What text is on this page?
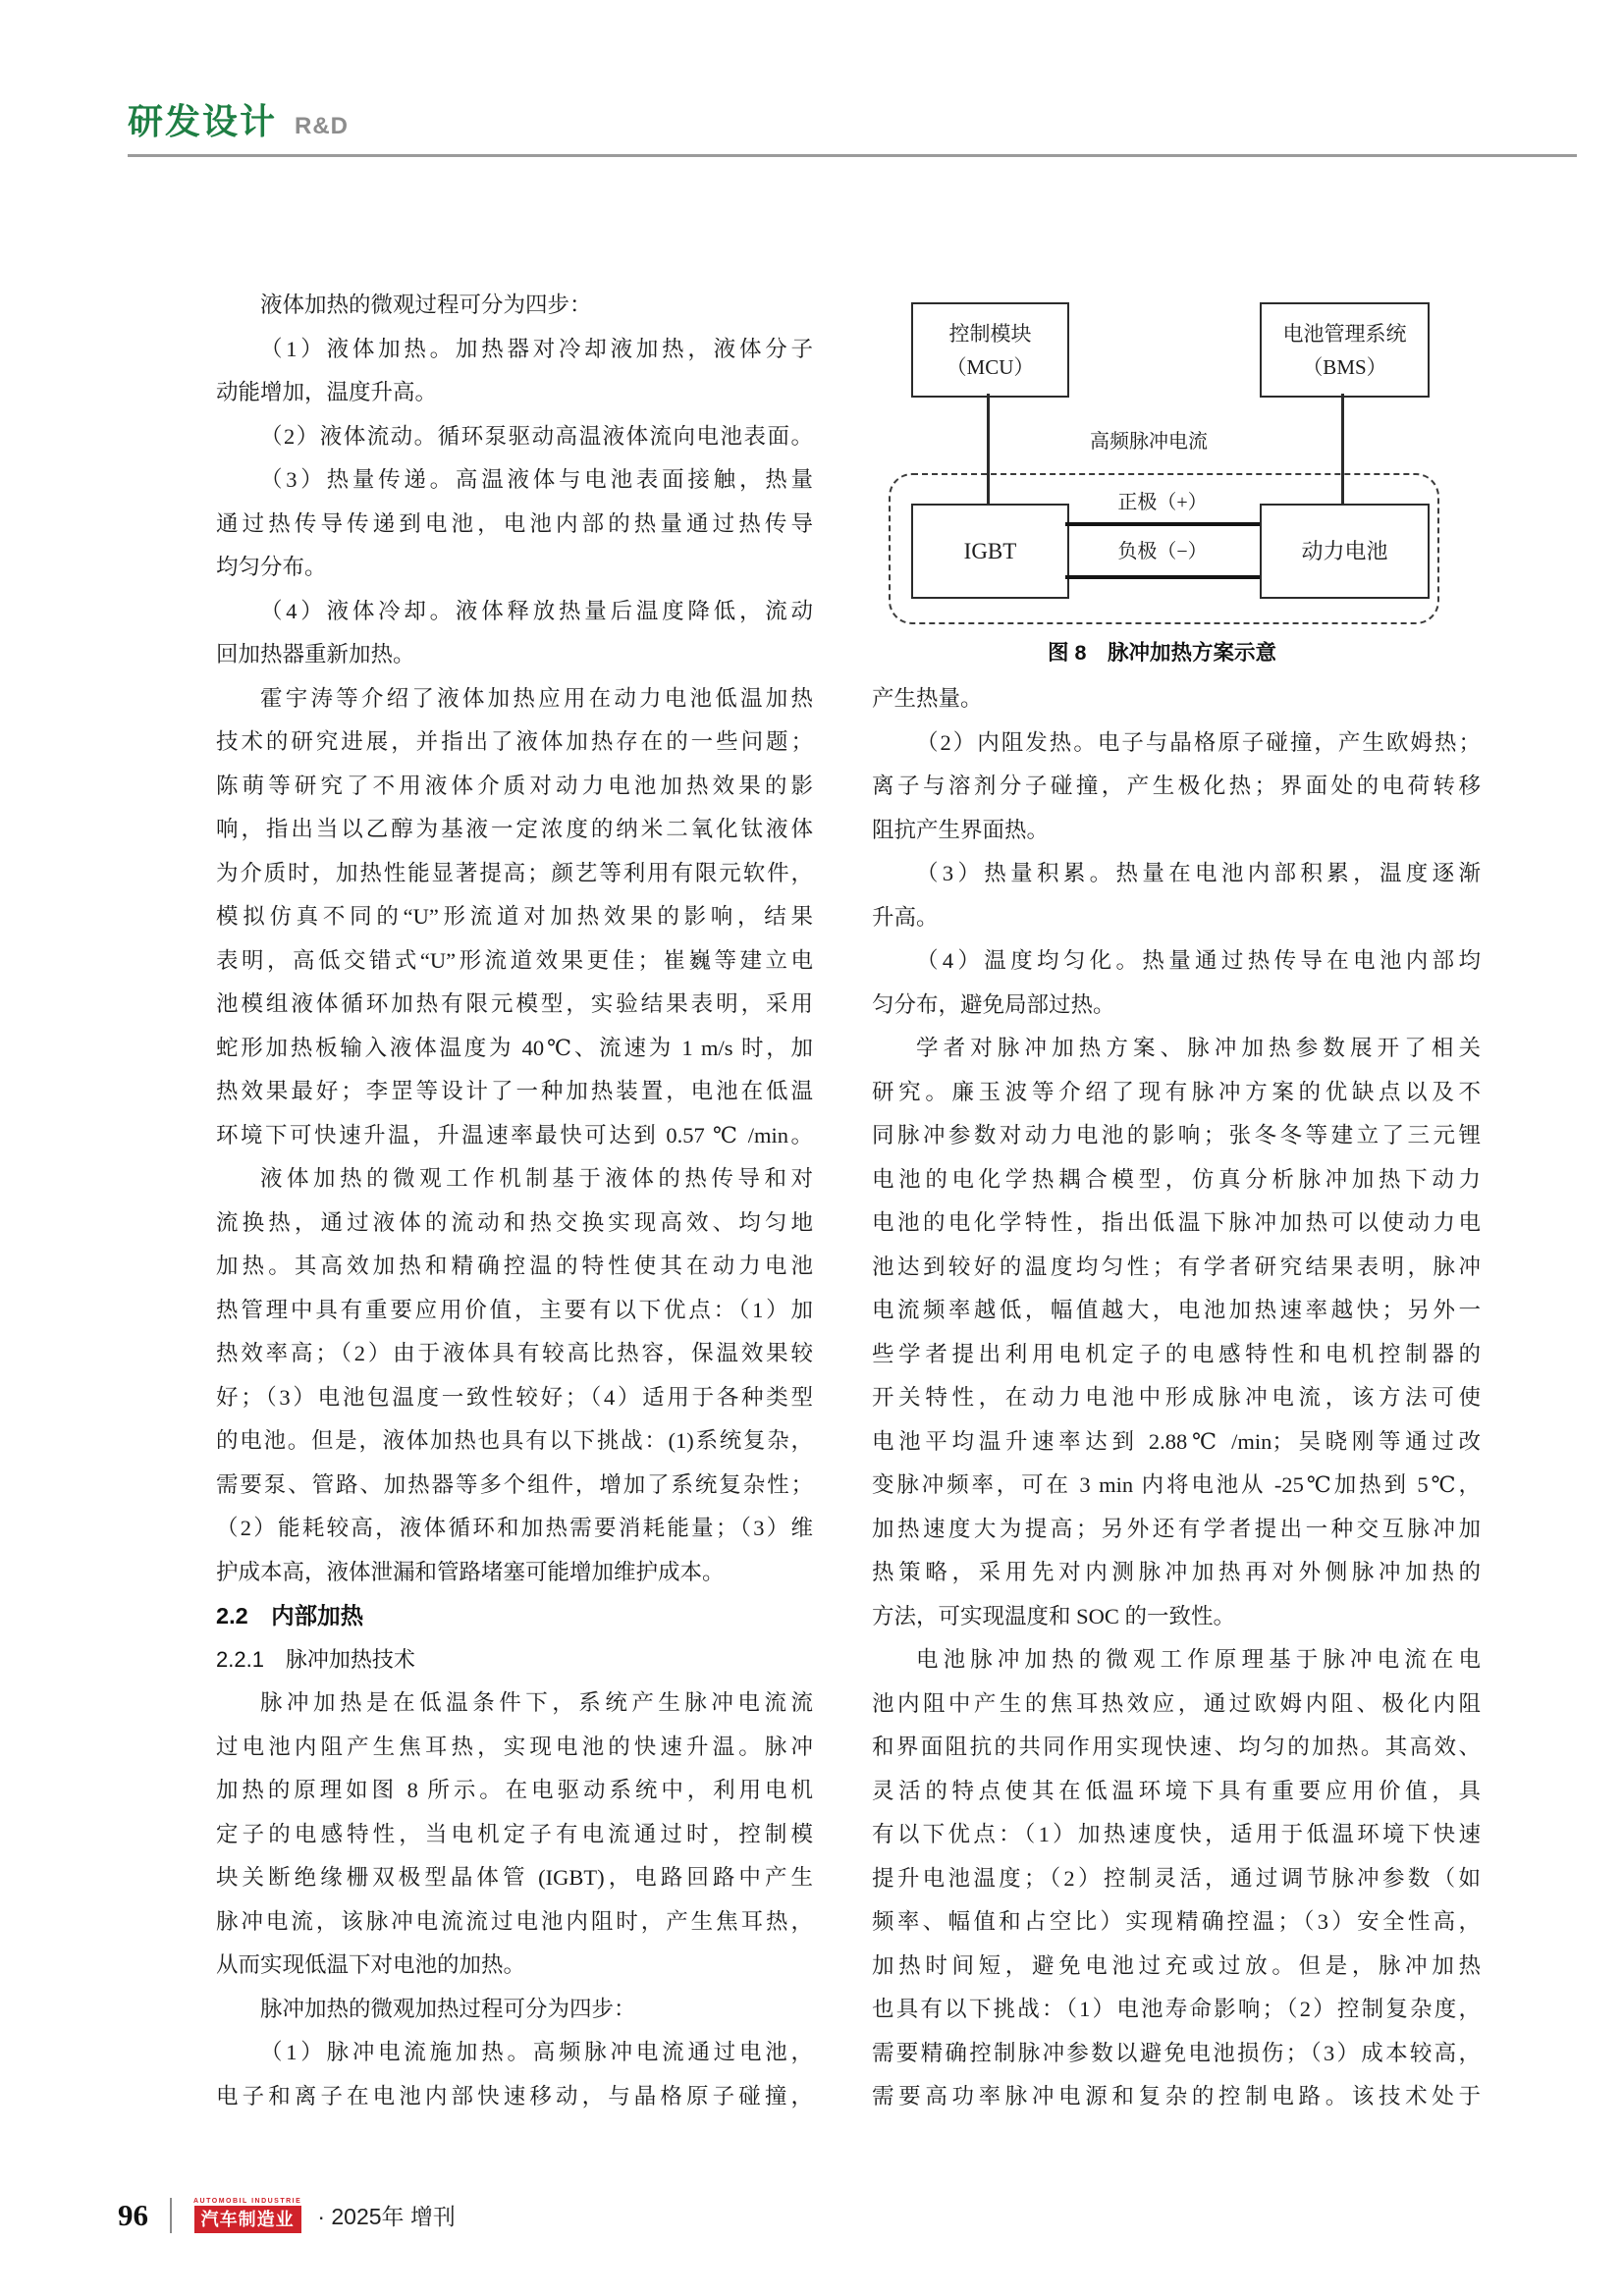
研发设计 R&D
液体加热的微观过程可分为四步：
（1）液体加热。加热器对冷却液加热，液体分子
动能增加，温度升高。
（2）液体流动。循环泵驱动高温液体流向电池表面。
（3）热量传递。高温液体与电池表面接触，热量
通过热传导传递到电池，电池内部的热量通过热传导
均匀分布。
（4）液体冷却。液体释放热量后温度降低，流动
回加热器重新加热。
霍宇涛等介绍了液体加热应用在动力电池低温加热
技术的研究进展，并指出了液体加热存在的一些问题；
陈萌等研究了不用液体介质对动力电池加热效果的影
响，指出当以乙醇为基液一定浓度的纳米二氧化钛液体
为介质时，加热性能显著提高；颜艺等利用有限元软件，
模拟仿真不同的“U”形流道对加热效果的影响，结果
表明，高低交错式“U”形流道效果更佳；崔巍等建立电
池模组液体循环加热有限元模型，实验结果表明，采用
蛇形加热板输入液体温度为 40℃、流速为 1 m/s 时，加
热效果最好；李罡等设计了一种加热装置，电池在低温
环境下可快速升温，升温速率最快可达到 0.57 ℃ /min。
液体加热的微观工作机制基于液体的热传导和对
流换热，通过液体的流动和热交换实现高效、均匀地
加热。其高效加热和精确控温的特性使其在动力电池
热管理中具有重要应用价值，主要有以下优点：（1）加
热效率高；（2）由于液体具有较高比热容，保温效果较
好；（3）电池包温度一致性较好；（4）适用于各种类型
的电池。但是，液体加热也具有以下挑战：(1)系统复杂，
需要泵、管路、加热器等多个组件，增加了系统复杂性；
（2）能耗较高，液体循环和加热需要消耗能量；（3）维
护成本高，液体泄漏和管路堵塞可能增加维护成本。
2.2　内部加热
2.2.1　脉冲加热技术
脉冲加热是在低温条件下，系统产生脉冲电流流
过电池内阻产生焦耳热，实现电池的快速升温。脉冲
加热的原理如图 8 所示。在电驱动系统中，利用电机
定子的电感特性，当电机定子有电流通过时，控制模
块关断绝缘栅双极型晶体管 (IGBT)，电路回路中产生
脉冲电流，该脉冲电流流过电池内阻时，产生焦耳热，
从而实现低温下对电池的加热。
脉冲加热的微观加热过程可分为四步：
（1）脉冲电流施加热。高频脉冲电流通过电池，
电子和离子在电池内部快速移动，与晶格原子碰撞，
控制模块
（MCU）
电池管理系统
（BMS）
高频脉冲电流
IGBT	动力电池
正极（+）
负极（−）
图 8　脉冲加热方案示意
产生热量。
（2）内阻发热。电子与晶格原子碰撞，产生欧姆热；
离子与溶剂分子碰撞，产生极化热；界面处的电荷转移
阻抗产生界面热。
（3）热量积累。热量在电池内部积累，温度逐渐
升高。
（4）温度均匀化。热量通过热传导在电池内部均
匀分布，避免局部过热。
学者对脉冲加热方案、脉冲加热参数展开了相关
研究。廉玉波等介绍了现有脉冲方案的优缺点以及不
同脉冲参数对动力电池的影响；张冬冬等建立了三元锂
电池的电化学热耦合模型，仿真分析脉冲加热下动力
电池的电化学特性，指出低温下脉冲加热可以使动力电
池达到较好的温度均匀性；有学者研究结果表明，脉冲
电流频率越低，幅值越大，电池加热速率越快；另外一
些学者提出利用电机定子的电感特性和电机控制器的
开关特性，在动力电池中形成脉冲电流，该方法可使
电池平均温升速率达到 2.88℃ /min；吴晓刚等通过改
变脉冲频率，可在 3 min 内将电池从 -25℃加热到 5℃，
加热速度大为提高；另外还有学者提出一种交互脉冲加
热策略，采用先对内测脉冲加热再对外侧脉冲加热的
方法，可实现温度和 SOC 的一致性。
电池脉冲加热的微观工作原理基于脉冲电流在电
池内阻中产生的焦耳热效应，通过欧姆内阻、极化内阻
和界面阻抗的共同作用实现快速、均匀的加热。其高效、
灵活的特点使其在低温环境下具有重要应用价值，具
有以下优点：（1）加热速度快，适用于低温环境下快速
提升电池温度；（2）控制灵活，通过调节脉冲参数（如
频率、幅值和占空比）实现精确控温；（3）安全性高，
加热时间短，避免电池过充或过放。但是，脉冲加热
也具有以下挑战：（1）电池寿命影响；（2）控制复杂度，
需要精确控制脉冲参数以避免电池损伤；（3）成本较高，
需要高功率脉冲电源和复杂的控制电路。该技术处于
96	AUTOMOBIL INDUSTRIE
汽车制造业	· 2025年 增刊
